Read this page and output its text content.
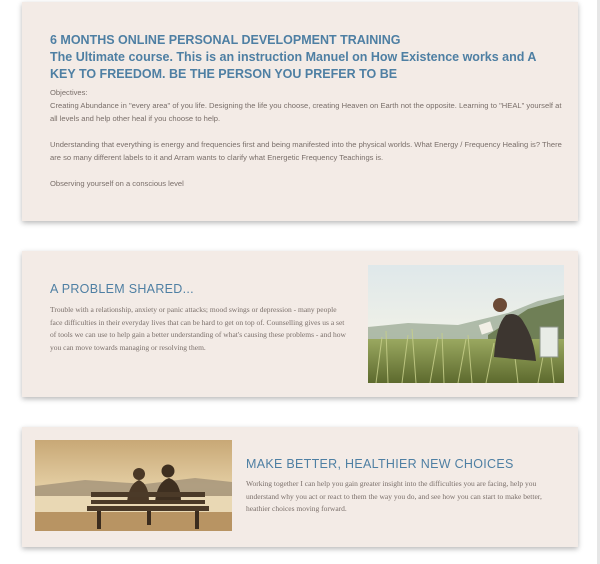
6 MONTHS ONLINE PERSONAL DEVELOPMENT TRAINING
The Ultimate course. This is an instruction Manuel on How Existence works and A KEY TO FREEDOM. BE THE PERSON YOU PREFER TO BE

Objectives:

Creating Abundance in "every area" of you life. Designing the life you choose, creating Heaven on Earth not the opposite. Learning to "HEAL" yourself at all levels and help other heal if you choose to help.

Understanding that everything is energy and frequencies first and being manifested into the physical worlds. What Energy / Frequency Healing is? There are so many different labels to it and Arram wants to clarify what Energetic Frequency Teachings is.

Observing yourself on a conscious level

A PROBLEM SHARED...

Trouble with a relationship, anxiety or panic attacks; mood swings or depression - many people face difficulties in their everyday lives that can be hard to get on top of. Counselling gives us a set of tools we can use to help gain a better understanding of what's causing these problems - and how you can move towards managing or resolving them.

MAKE BETTER, HEALTHIER NEW CHOICES

Working together I can help you gain greater insight into the difficulties you are facing, help you understand why you act or react to them the way you do, and see how you can start to make better, heathier choices moving forward.
